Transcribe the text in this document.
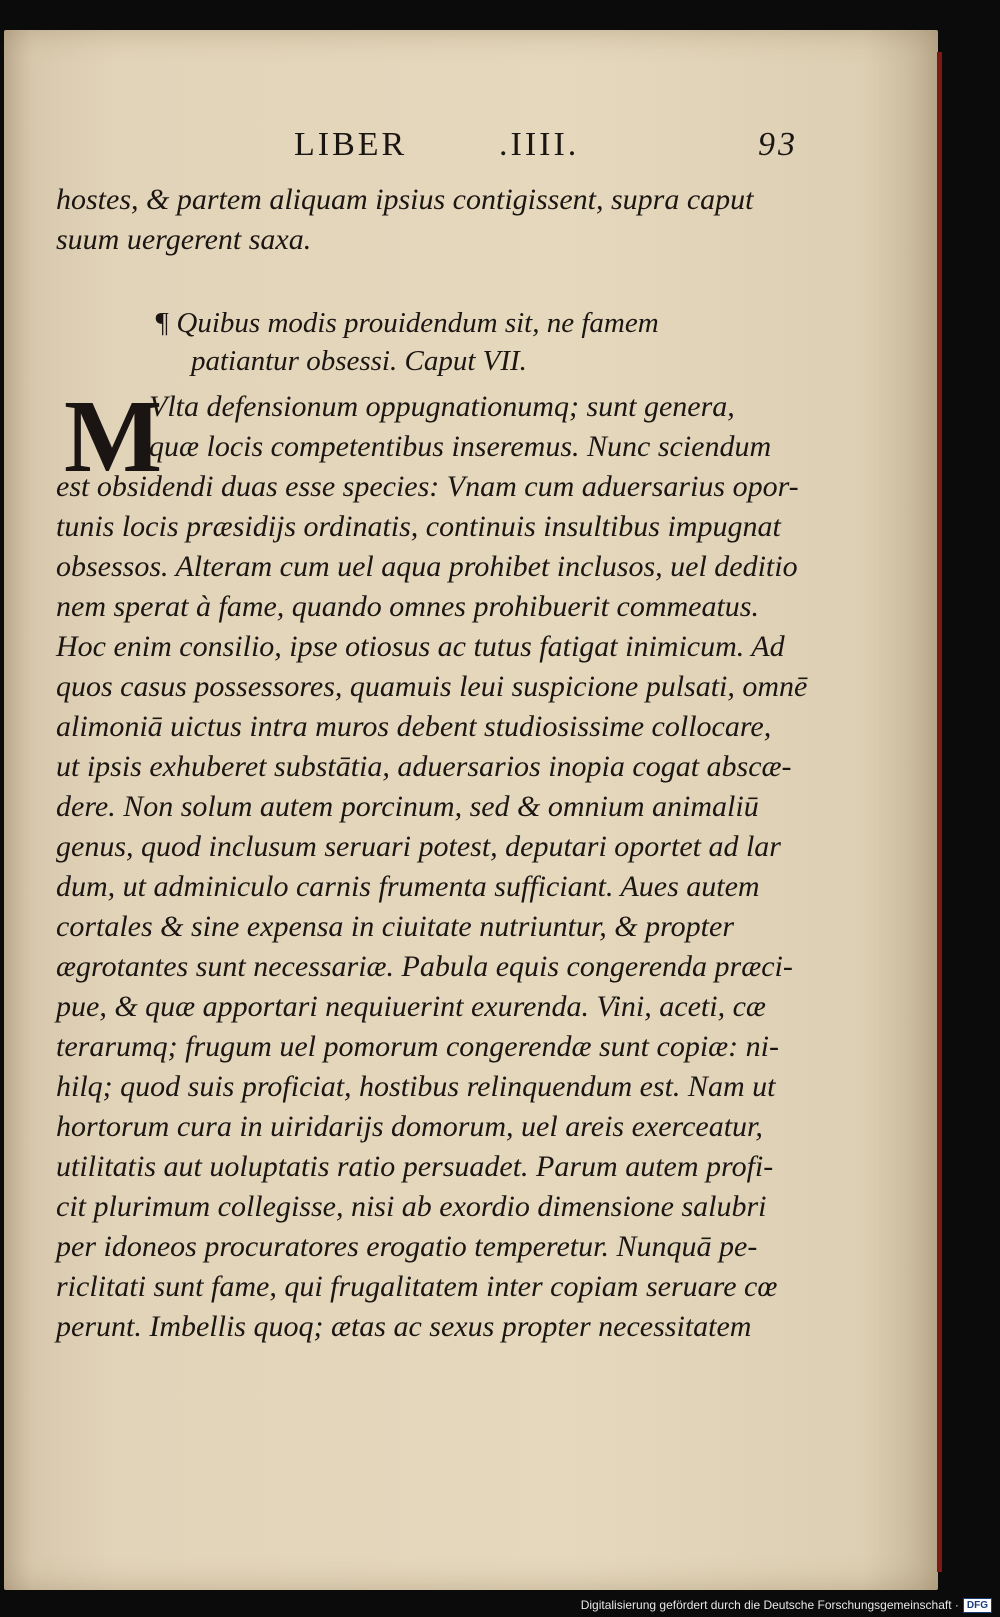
LIBER	.IIII.	93
hostes, & partem aliquam ipsius contigissent, supra caput
suum uergerent saxa.
¶ Quibus modis prouidendum sit, ne famem
patiantur obsessi. Caput VII.
M
Vlta defensionum oppugnationumq; sunt genera,
quæ locis competentibus inseremus. Nunc sciendum
est obsidendi duas esse species: Vnam cum aduersarius opor-
tunis locis præsidijs ordinatis, continuis insultibus impugnat
obsessos. Alteram cum uel aqua prohibet inclusos, uel deditio
nem sperat à fame, quando omnes prohibuerit commeatus.
Hoc enim consilio, ipse otiosus ac tutus fatigat inimicum. Ad
quos casus possessores, quamuis leui suspicione pulsati, omnē
alimoniā uictus intra muros debent studiosissime collocare,
ut ipsis exhuberet substātia, aduersarios inopia cogat abscæ-
dere. Non solum autem porcinum, sed & omnium animaliū
genus, quod inclusum seruari potest, deputari oportet ad lar
dum, ut adminiculo carnis frumenta sufficiant. Aues autem
cortales & sine expensa in ciuitate nutriuntur, & propter
ægrotantes sunt necessariæ. Pabula equis congerenda præci-
pue, & quæ apportari nequiuerint exurenda. Vini, aceti, cæ
terarumq; frugum uel pomorum congerendæ sunt copiæ: ni-
hilq; quod suis proficiat, hostibus relinquendum est. Nam ut
hortorum cura in uiridarijs domorum, uel areis exerceatur,
utilitatis aut uoluptatis ratio persuadet. Parum autem profi-
cit plurimum collegisse, nisi ab exordio dimensione salubri
per idoneos procuratores erogatio temperetur. Nunquā pe-
riclitati sunt fame, qui frugalitatem inter copiam seruare cœ
perunt. Imbellis quoq; ætas ac sexus propter necessitatem
Digitalisierung gefördert durch die Deutsche Forschungsgemeinschaft · DFG
